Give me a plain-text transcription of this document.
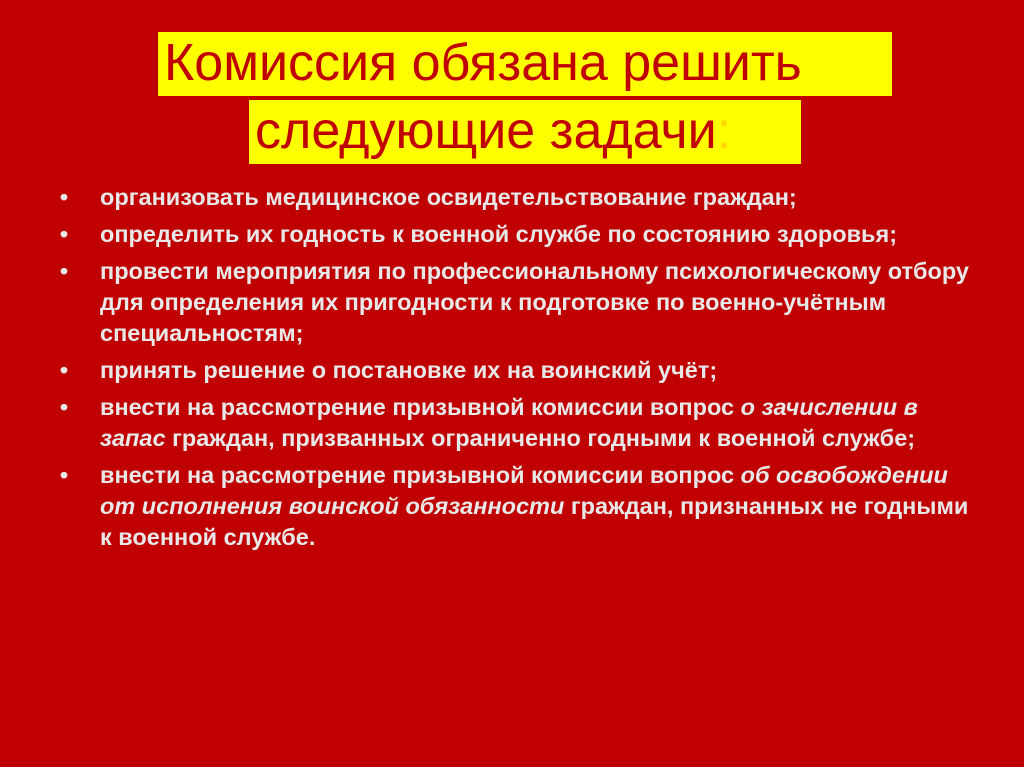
Комиссия обязана решить
следующие задачи:
• организовать медицинское освидетельствование граждан;
• определить их годность к военной службе по состоянию здоровья;
• провести мероприятия по профессиональному психологическому отбору для определения их пригодности к подготовке по военно-учётным специальностям;
• принять решение о постановке их на воинский учёт;
• внести на рассмотрение призывной комиссии вопрос о зачислении в запас граждан, призванных ограниченно годными к военной службе;
• внести на рассмотрение призывной комиссии вопрос об освобождении от исполнения воинской обязанности граждан, признанных не годными к военной службе.
